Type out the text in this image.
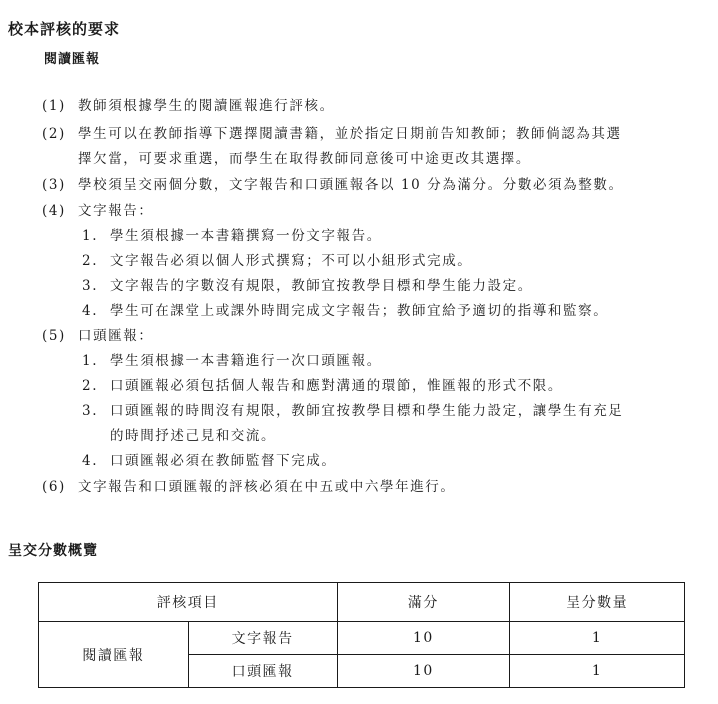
校本評核的要求
閱讀匯報
(1) 教師須根據學生的閱讀匯報進行評核。
(2) 學生可以在教師指導下選擇閱讀書籍，並於指定日期前告知教師；教師倘認為其選
擇欠當，可要求重選，而學生在取得教師同意後可中途更改其選擇。
(3) 學校須呈交兩個分數，文字報告和口頭匯報各以 10 分為滿分。分數必須為整數。
(4) 文字報告：
1. 學生須根據一本書籍撰寫一份文字報告。
2. 文字報告必須以個人形式撰寫；不可以小組形式完成。
3. 文字報告的字數沒有規限，教師宜按教學目標和學生能力設定。
4. 學生可在課堂上或課外時間完成文字報告；教師宜給予適切的指導和監察。
(5) 口頭匯報：
1. 學生須根據一本書籍進行一次口頭匯報。
2. 口頭匯報必須包括個人報告和應對溝通的環節，惟匯報的形式不限。
3. 口頭匯報的時間沒有規限，教師宜按教學目標和學生能力設定，讓學生有充足
的時間抒述己見和交流。
4. 口頭匯報必須在教師監督下完成。
(6) 文字報告和口頭匯報的評核必須在中五或中六學年進行。
呈交分數概覽
評核項目		滿分	呈分數量
閱讀匯報	文字報告	10	1
	口頭匯報	10	1
